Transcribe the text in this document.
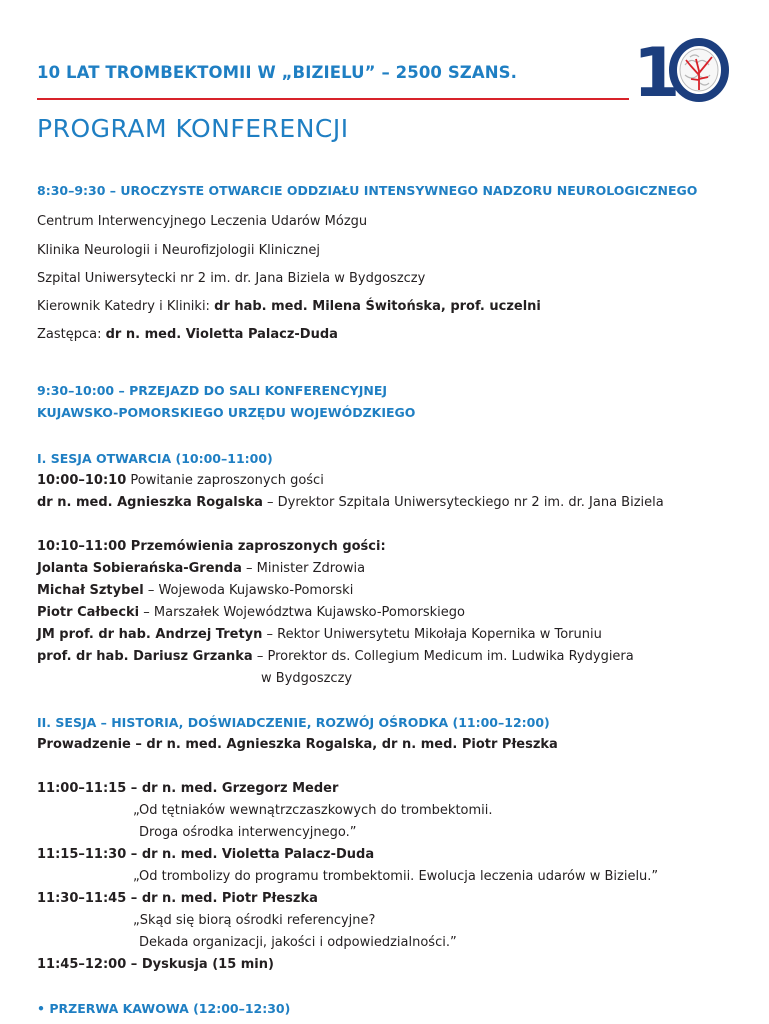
10 LAT TROMBEKTOMII W „BIZIELU” – 2500 SZANS.
PROGRAM KONFERENCJI
1
8:30–9:30 – UROCZYSTE OTWARCIE ODDZIAŁU INTENSYWNEGO NADZORU NEUROLOGICZNEGO
Centrum Interwencyjnego Leczenia Udarów Mózgu
Klinika Neurologii i Neurofizjologii Klinicznej
Szpital Uniwersytecki nr 2 im. dr. Jana Biziela w Bydgoszczy
Kierownik Katedry i Kliniki: dr hab. med. Milena Świtońska, prof. uczelni
Zastępca: dr n. med. Violetta Palacz-Duda
9:30–10:00 – PRZEJAZD DO SALI KONFERENCYJNEJ
KUJAWSKO-POMORSKIEGO URZĘDU WOJEWÓDZKIEGO
I. SESJA OTWARCIA (10:00–11:00)
10:00–10:10 Powitanie zaproszonych gości
dr n. med. Agnieszka Rogalska – Dyrektor Szpitala Uniwersyteckiego nr 2 im. dr. Jana Biziela
10:10–11:00 Przemówienia zaproszonych gości:
Jolanta Sobierańska-Grenda – Minister Zdrowia
Michał Sztybel – Wojewoda Kujawsko-Pomorski
Piotr Całbecki – Marszałek Województwa Kujawsko-Pomorskiego
JM prof. dr hab. Andrzej Tretyn – Rektor Uniwersytetu Mikołaja Kopernika w Toruniu
prof. dr hab. Dariusz Grzanka – Prorektor ds. Collegium Medicum im. Ludwika Rydygiera
w Bydgoszczy
II. SESJA – HISTORIA, DOŚWIADCZENIE, ROZWÓJ OŚRODKA (11:00–12:00)
Prowadzenie – dr n. med. Agnieszka Rogalska, dr n. med. Piotr Płeszka
11:00–11:15 – dr n. med. Grzegorz Meder
„Od tętniaków wewnątrzczaszkowych do trombektomii.
Droga ośrodka interwencyjnego.”
11:15–11:30 – dr n. med. Violetta Palacz-Duda
„Od trombolizy do programu trombektomii. Ewolucja leczenia udarów w Bizielu.”
11:30–11:45 – dr n. med. Piotr Płeszka
„Skąd się biorą ośrodki referencyjne?
Dekada organizacji, jakości i odpowiedzialności.”
11:45–12:00 – Dyskusja (15 min)
• PRZERWA KAWOWA (12:00–12:30)
